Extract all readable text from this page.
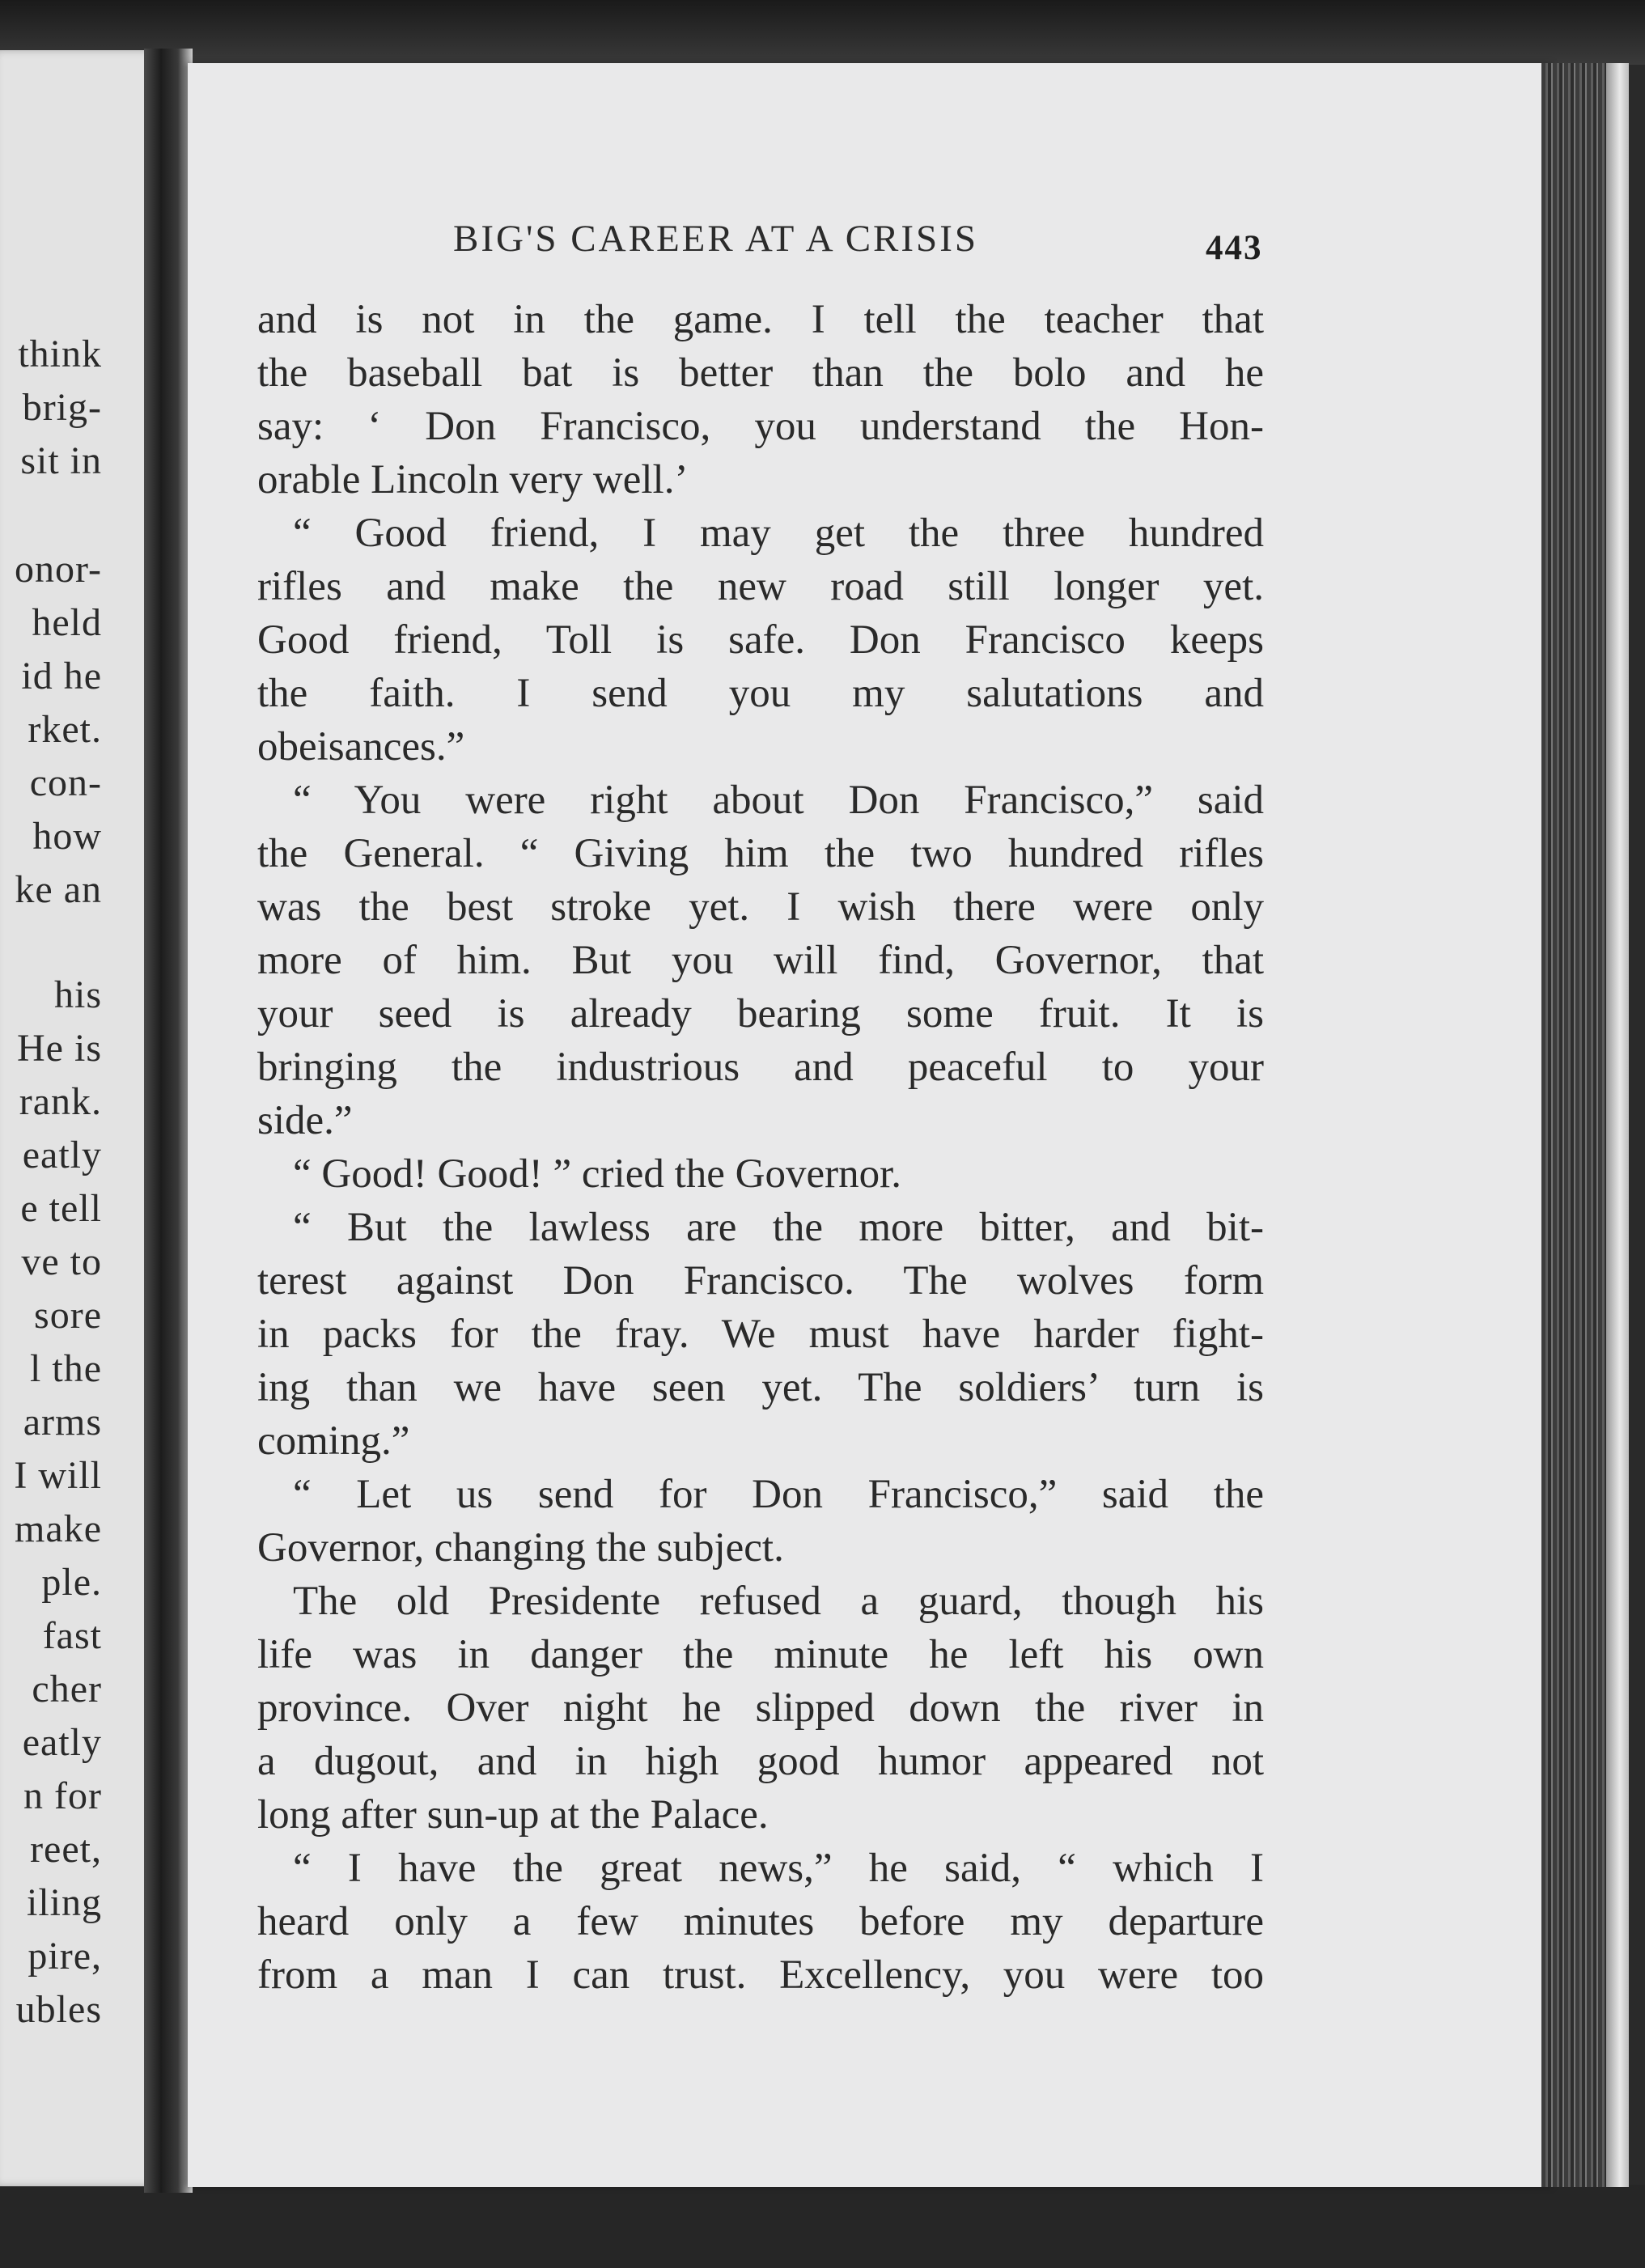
think
brig-
sit in
onor-
held
id he
rket.
con-
how
ke an
his
He is
rank.
eatly
e tell
ve to
sore
l the
arms
I will
make
ple.
fast
cher
eatly
n for
reet,
iling
pire,
ubles
BIG'S CAREER AT A CRISIS	443
and is not in the game. I tell the teacher that
the baseball bat is better than the bolo and he
say: ‘ Don Francisco, you understand the Hon-
orable Lincoln very well.’
“ Good friend, I may get the three hundred
rifles and make the new road still longer yet.
Good friend, Toll is safe. Don Francisco keeps
the faith. I send you my salutations and
obeisances.”
“ You were right about Don Francisco,” said
the General. “ Giving him the two hundred rifles
was the best stroke yet. I wish there were only
more of him. But you will find, Governor, that
your seed is already bearing some fruit. It is
bringing the industrious and peaceful to your
side.”
“ Good! Good! ” cried the Governor.
“ But the lawless are the more bitter, and bit-
terest against Don Francisco. The wolves form
in packs for the fray. We must have harder fight-
ing than we have seen yet. The soldiers’ turn is
coming.”
“ Let us send for Don Francisco,” said the
Governor, changing the subject.
The old Presidente refused a guard, though his
life was in danger the minute he left his own
province. Over night he slipped down the river in
a dugout, and in high good humor appeared not
long after sun-up at the Palace.
“ I have the great news,” he said, “ which I
heard only a few minutes before my departure
from a man I can trust. Excellency, you were too
